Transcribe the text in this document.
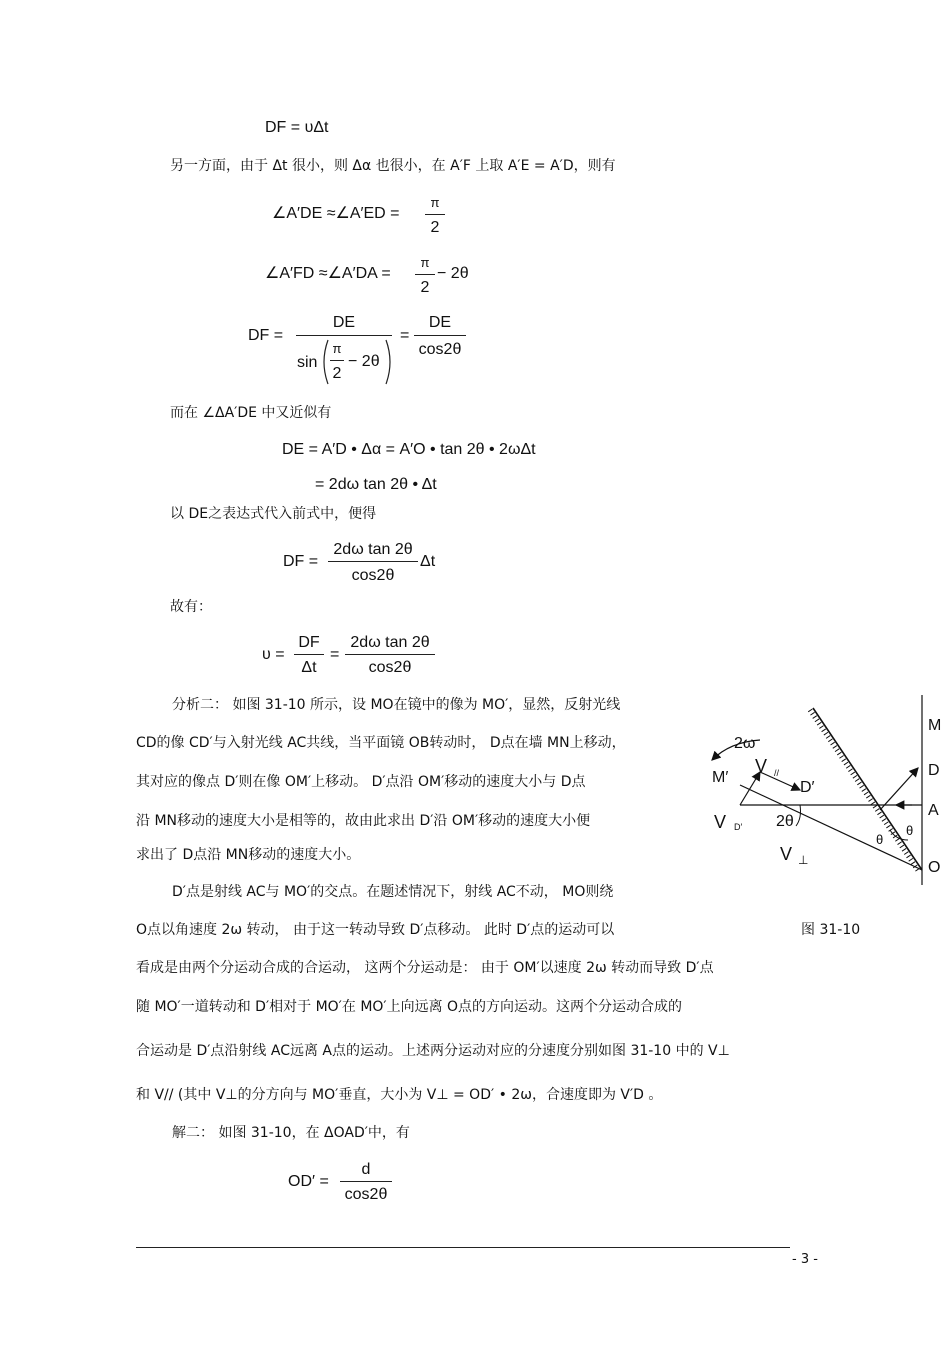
DF = υΔt
另一方面，由于 Δt 很小，则 Δα 也很小，在 A′F 上取 A′E = A′D，则有
∠A′DE ≈∠A′ED =
π
2
∠A′FD ≈∠A′DA =
π
2
− 2θ
DF =
DE
sin
π
2
− 2θ
=
DE
cos2θ
而在 ∠ΔA′DE 中又近似有
DE = A′D • Δα = A′O • tan 2θ • 2ωΔt
= 2dω tan 2θ • Δt
以 DE之表达式代入前式中，便得
DF =
2dω tan 2θ
cos2θ
Δt
故有：
υ =
DF
Δt
=
2dω tan 2θ
cos2θ
分析二： 如图 31-10 所示，设 MO在镜中的像为 MO′，显然，反射光线
CD的像 CD′与入射光线 AC共线，当平面镜 OB转动时， D点在墙 MN上移动，
其对应的像点 D′则在像 OM′上移动。 D′点沿 OM′移动的速度大小与 D点
沿 MN移动的速度大小是相等的，故由此求出 D′沿 OM′移动的速度大小便
求出了 D点沿 MN移动的速度大小。
D′点是射线 AC与 MO′的交点。在题述情况下，射线 AC不动， MO则绕
O点以角速度 2ω 转动， 由于这一转动导致 D′点移动。 此时 D′点的运动可以
看成是由两个分运动合成的合运动， 这两个分运动是： 由于 OM′以速度 2ω 转动而导致 D′点
随 MO′一道转动和 D′相对于 MO′在 MO′上向远离 O点的方向运动。这两个分运动合成的
合运动是 D′点沿射线 AC远离 A点的运动。上述两分运动对应的分速度分别如图 31-10 中的 V⊥
和 V// (其中 V⊥的分方向与 MO′垂直，大小为 V⊥ = OD′ • 2ω，合速度即为 V′D 。
解二： 如图 31-10，在 ΔOAD′中，有
OD′ =
d
cos2θ
图 31-10
- 3 -
M
D
A
O
2ω
M′
V //
D′
V D′ 2θ
V ⊥
θ
θ
